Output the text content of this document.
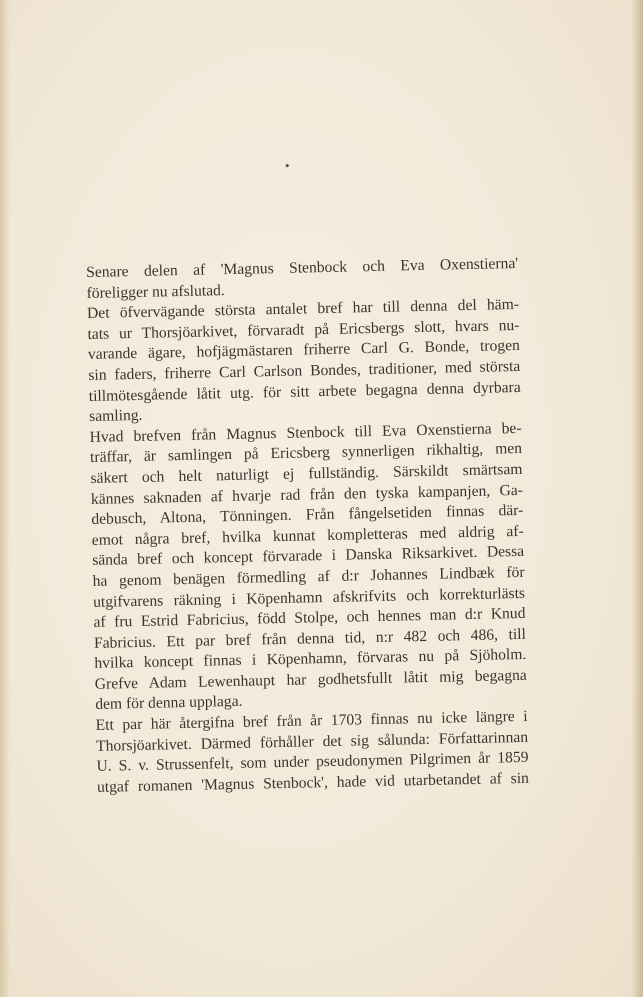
•
Senare delen af 'Magnus Stenbock och Eva Oxenstierna'
föreligger nu afslutad.
Det öfvervägande största antalet bref har till denna del häm-
tats ur Thorsjöarkivet, förvaradt på Ericsbergs slott, hvars nu-
varande ägare, hofjägmästaren friherre Carl G. Bonde, trogen
sin faders, friherre Carl Carlson Bondes, traditioner, med största
tillmötesgående låtit utg. för sitt arbete begagna denna dyrbara
samling.
Hvad brefven från Magnus Stenbock till Eva Oxenstierna be-
träffar, är samlingen på Ericsberg synnerligen rikhaltig, men
säkert och helt naturligt ej fullständig. Särskildt smärtsam
kännes saknaden af hvarje rad från den tyska kampanjen, Ga-
debusch, Altona, Tönningen. Från fångelsetiden finnas där-
emot några bref, hvilka kunnat kompletteras med aldrig af-
sända bref och koncept förvarade i Danska Riksarkivet. Dessa
ha genom benägen förmedling af d:r Johannes Lindbæk för
utgifvarens räkning i Köpenhamn afskrifvits och korrekturlästs
af fru Estrid Fabricius, född Stolpe, och hennes man d:r Knud
Fabricius. Ett par bref från denna tid, n:r 482 och 486, till
hvilka koncept finnas i Köpenhamn, förvaras nu på Sjöholm.
Grefve Adam Lewenhaupt har godhetsfullt låtit mig begagna
dem för denna upplaga.
Ett par här återgifna bref från år 1703 finnas nu icke längre i
Thorsjöarkivet. Därmed förhåller det sig sålunda: Författarinnan
U. S. v. Strussenfelt, som under pseudonymen Pilgrimen år 1859
utgaf romanen 'Magnus Stenbock', hade vid utarbetandet af sin
